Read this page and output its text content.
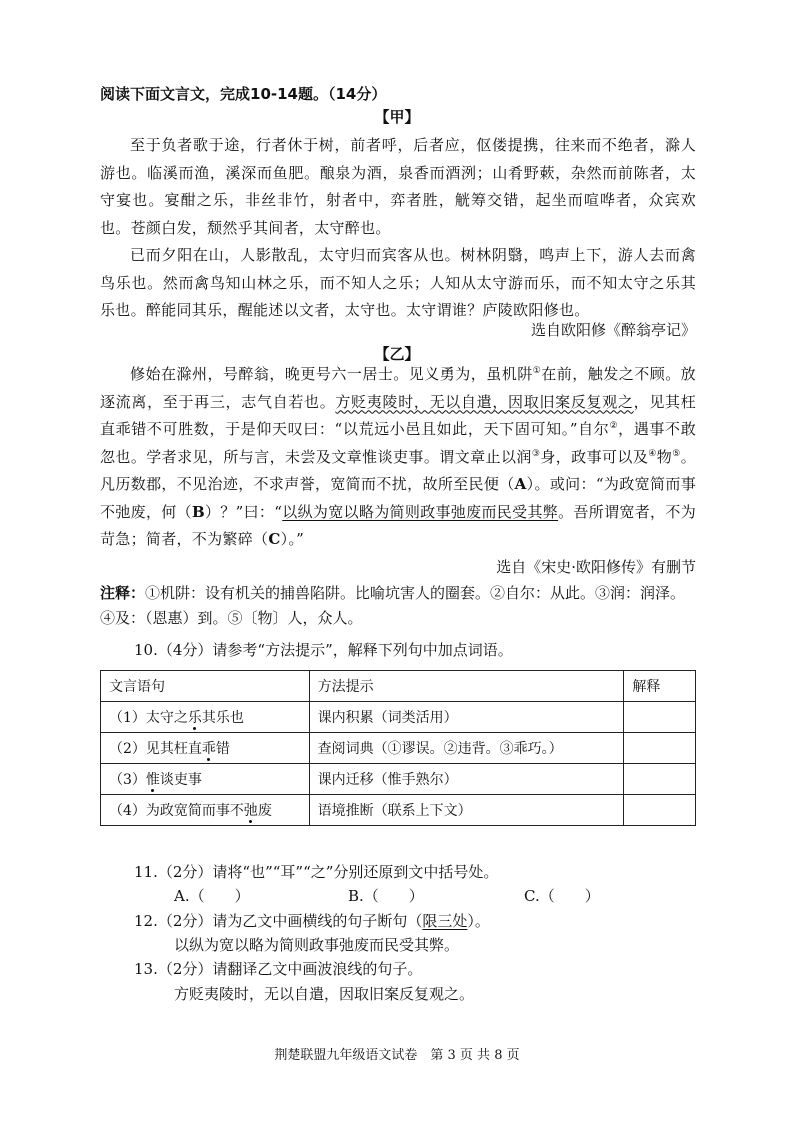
阅读下面文言文，完成10-14题。（14分）
【甲】

至于负者歌于途，行者休于树，前者呼，后者应，伛偻提携，往来而不绝者，滁人游也。临溪而渔，溪深而鱼肥。酿泉为酒，泉香而酒洌；山肴野蔌，杂然而前陈者，太守宴也。宴酣之乐，非丝非竹，射者中，弈者胜，觥筹交错，起坐而喧哗者，众宾欢也。苍颜白发，颓然乎其间者，太守醉也。

已而夕阳在山，人影散乱，太守归而宾客从也。树林阴翳，鸣声上下，游人去而禽鸟乐也。然而禽鸟知山林之乐，而不知人之乐；人知从太守游而乐，而不知太守之乐其乐也。醉能同其乐，醒能述以文者，太守也。太守谓谁？庐陵欧阳修也。

选自欧阳修《醉翁亭记》
【乙】

修始在滁州，号醉翁，晚更号六一居士。见义勇为，虽机阱①在前，触发之不顾。放逐流离，至于再三，志气自若也。方贬夷陵时，无以自遣，因取旧案反复观之，见其枉直乖错不可胜数，于是仰天叹曰：“以荒远小邑且如此，天下固可知。”自尔②，遇事不敢忽也。学者求见，所与言，未尝及文章惟谈吏事。谓文章止以润③身，政事可以及④物⑤。凡历数郡，不见治迹，不求声誉，宽简而不扰，故所至民便（A）。或问：“为政宽简而事不弛废，何（B）？”曰：“以纵为宽以略为简则政事弛废而民受其弊。吾所谓宽者，不为苛急；简者，不为繁碎（C）。”

选自《宋史·欧阳修传》有删节
注释：①机阱：设有机关的捕兽陷阱。比喻坑害人的圈套。②自尔：从此。③润：润泽。④及：（恩惠）到。⑤〔物〕人，众人。
10.（4分）请参考“方法提示”，解释下列句中加点词语。
文言语句	方法提示	解释
（1）太守之乐其乐也	课内积累（词类活用）	
（2）见其枉直乖错	查阅词典（①谬误。②违背。③乖巧。）	
（3）惟谈吏事	课内迁移（惟手熟尔）	
（4）为政宽简而事不弛废	语境推断（联系上下文）	
11.（2分）请将“也”“耳”“之”分别还原到文中括号处。
A.（　　）	B.（　　）	C.（　　）
12.（2分）请为乙文中画横线的句子断句（限三处）。
以纵为宽以略为简则政事弛废而民受其弊。
13.（2分）请翻译乙文中画波浪线的句子。
方贬夷陵时，无以自遣，因取旧案反复观之。
荆楚联盟九年级语文试卷　第 3 页 共 8 页
